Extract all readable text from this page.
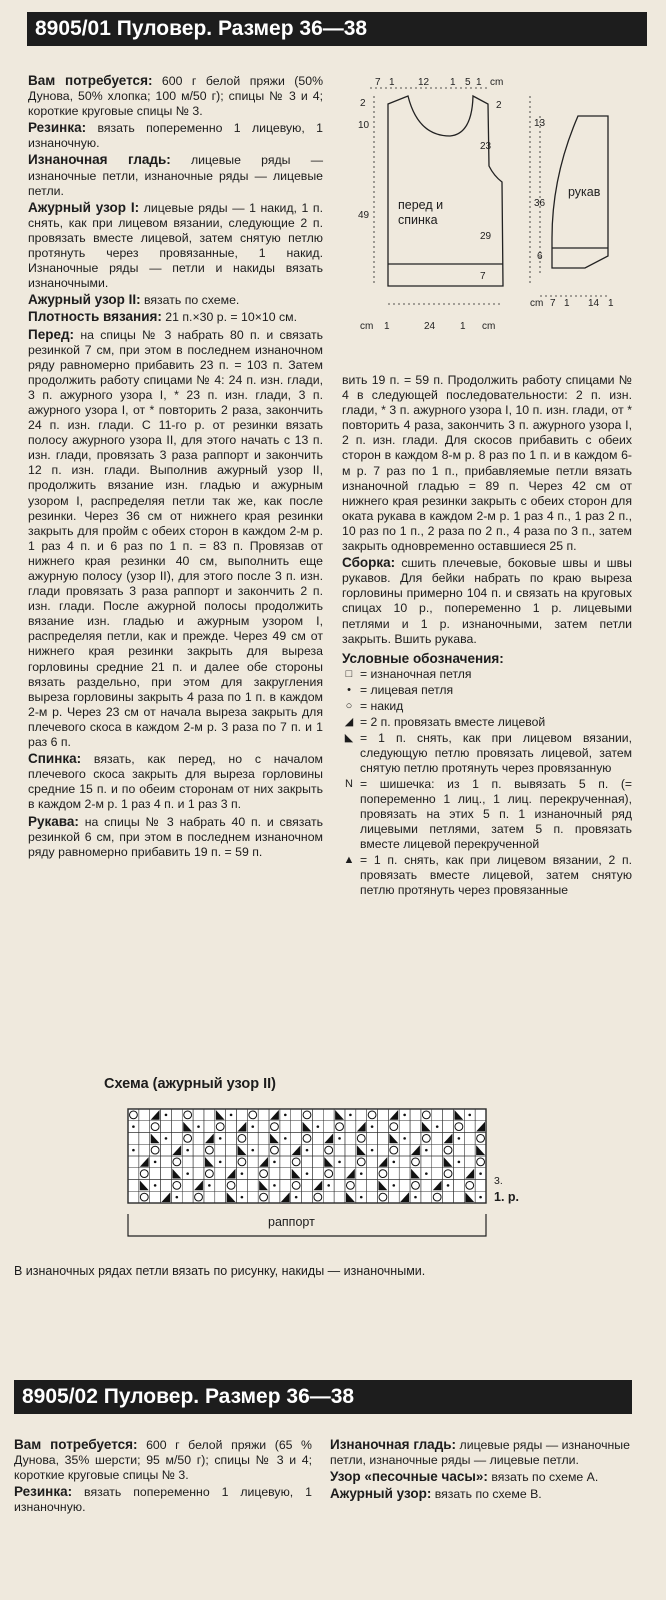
8905/01 Пуловер. Размер 36—38

Вам потребуется: 600 г белой пряжи (50% Дунова, 50% хлопка; 100 м/50 г); спицы № 3 и 4; короткие круговые спицы № 3.

Резинка: вязать попеременно 1 лицевую, 1 изнаночную.

Изнаночная гладь: лицевые ряды — изнаночные петли, изнаночные ряды — лицевые петли.

Ажурный узор I: лицевые ряды — 1 накид, 1 п. снять, как при лицевом вязании, следующие 2 п. провязать вместе лицевой, затем снятую петлю протянуть через провязанные, 1 накид. Изнаночные ряды — петли и накиды вязать изнаночными.

Ажурный узор II: вязать по схеме.

Плотность вязания: 21 п.×30 р. = 10×10 см.

Перед: на спицы № 3 набрать 80 п. и связать резинкой 7 см, при этом в последнем изнаночном ряду равномерно прибавить 23 п. = 103 п. Затем продолжить работу спицами № 4: 24 п. изн. глади, 3 п. ажурного узора I, * 23 п. изн. глади, 3 п. ажурного узора I, от * повторить 2 раза, закончить 24 п. изн. глади. С 11-го р. от резинки вязать полосу ажурного узора II, для этого начать с 13 п. изн. глади, провязать 3 раза раппорт и закончить 12 п. изн. глади. Выполнив ажурный узор II, продолжить вязание изн. гладью и ажурным узором I, распределяя петли так же, как после резинки. Через 36 см от нижнего края резинки закрыть для пройм с обеих сторон в каждом 2-м р. 1 раз 4 п. и 6 раз по 1 п. = 83 п. Провязав от нижнего края резинки 40 см, выполнить еще ажурную полосу (узор II), для этого после 3 п. изн. глади провязать 3 раза раппорт и закончить 2 п. изн. глади. После ажурной полосы продолжить вязание изн. гладью и ажурным узором I, распределяя петли, как и прежде. Через 49 см от нижнего края резинки закрыть для выреза горловины средние 21 п. и далее обе стороны вязать раздельно, при этом для закругления выреза горловины закрыть 4 раза по 1 п. в каждом 2-м р. Через 23 см от начала выреза закрыть для плечевого скоса в каждом 2-м р. 3 раза по 7 п. и 1 раз 6 п.

Спинка: вязать, как перед, но с началом плечевого скоса закрыть для выреза горловины средние 15 п. и по обеим сторонам от них закрыть в каждом 2-м р. 1 раз 4 п. и 1 раз 3 п.

Рукава: на спицы № 3 набрать 40 п. и связать резинкой 6 см, при этом в последнем изнаночном ряду равномерно прибавить 19 п. = 59 п.

7 1 12 1 5 1 cm
2
10
49
2
23
29
7
cm 1	24 1 cm
13
36
6
cm 7 1 14 1
рукав
перед и спинка

вить 19 п. = 59 п. Продолжить работу спицами № 4 в следующей последовательности: 2 п. изн. глади, * 3 п. ажурного узора I, 10 п. изн. глади, от * повторить 4 раза, закончить 3 п. ажурного узора I, 2 п. изн. глади. Для скосов прибавить с обеих сторон в каждом 8-м р. 8 раз по 1 п. и в каждом 6-м р. 7 раз по 1 п., прибавляемые петли вязать изнаночной гладью = 89 п. Через 42 см от нижнего края резинки закрыть с обеих сторон для оката рукава в каждом 2-м р. 1 раз 4 п., 1 раз 2 п., 10 раз по 1 п., 2 раза по 2 п., 4 раза по 3 п., затем закрыть одновременно оставшиеся 25 п.

Сборка: сшить плечевые, боковые швы и швы рукавов. Для бейки набрать по краю выреза горловины примерно 104 п. и связать на круговых спицах 10 р., попеременно 1 р. лицевыми петлями и 1 р. изнаночными, затем петли закрыть. Вшить рукава.

Условные обозначения:

□ = изнаночная петля
• = лицевая петля
○ = накид
◢ = 2 п. провязать вместе лицевой
◣ = 1 п. снять, как при лицевом вязании, следующую петлю провязать лицевой, затем снятую петлю протянуть через провязанную
N = шишечка: из 1 п. вывязать 5 п. (= попеременно 1 лиц., 1 лиц. перекрученная), провязать на этих 5 п. 1 изнаночный ряд лицевыми петлями, затем 5 п. провязать вместе лицевой перекрученной
▲ = 1 п. снять, как при лицевом вязании, 2 п. провязать вместе лицевой, затем снятую петлю протянуть через провязанные
Схема (ажурный узор II)
3.
1. р.
раппорт
В изнаночных рядах петли вязать по рисунку, накиды — изнаночными.
8905/02 Пуловер. Размер 36—38

Вам потребуется: 600 г белой пряжи (65 % Дунова, 35% шерсти; 95 м/50 г); спицы № 3 и 4; короткие круговые спицы № 3.

Резинка: вязать попеременно 1 лицевую, 1 изнаночную.

Изнаночная гладь: лицевые ряды — изнаночные петли, изнаночные ряды — лицевые петли.

Узор «песочные часы»: вязать по схеме A.

Ажурный узор: вязать по схеме B.
